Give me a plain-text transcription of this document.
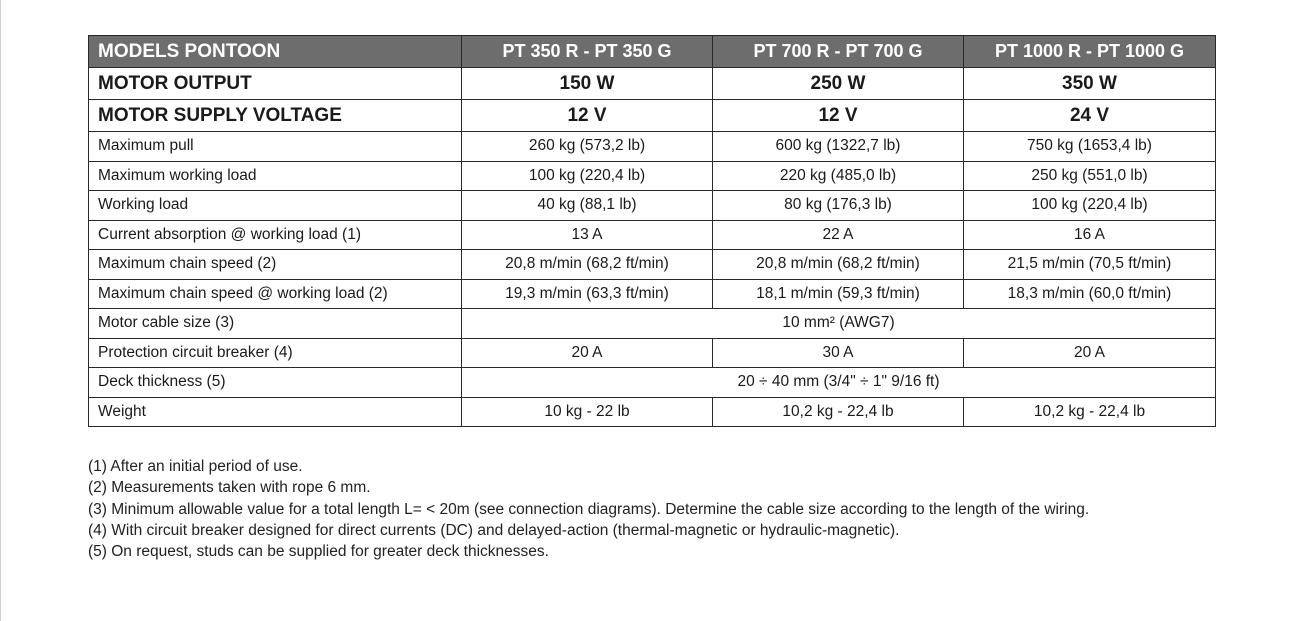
MODELS PONTOON	PT 350 R - PT 350 G	PT 700 R - PT 700 G	PT 1000 R - PT 1000 G
MOTOR OUTPUT	150 W	250 W	350 W
MOTOR SUPPLY VOLTAGE	12 V	12 V	24 V
Maximum pull	260 kg (573,2 lb)	600 kg (1322,7 lb)	750 kg (1653,4 lb)
Maximum working load	100 kg (220,4 lb)	220 kg (485,0 lb)	250 kg (551,0 lb)
Working load	40 kg (88,1 lb)	80 kg (176,3 lb)	100 kg (220,4 lb)
Current absorption @ working load (1)	13 A	22 A	16 A
Maximum chain speed (2)	20,8 m/min (68,2 ft/min)	20,8 m/min (68,2 ft/min)	21,5 m/min (70,5 ft/min)
Maximum chain speed @ working load (2)	19,3 m/min (63,3 ft/min)	18,1 m/min (59,3 ft/min)	18,3 m/min (60,0 ft/min)
Motor cable size (3)	10 mm² (AWG7)		
Protection circuit breaker (4)	20 A	30 A	20 A
Deck thickness (5)	20 ÷ 40 mm (3/4" ÷ 1" 9/16 ft)		
Weight	10 kg - 22 lb	10,2 kg - 22,4 lb	10,2 kg - 22,4 lb
(1) After an initial period of use.
(2) Measurements taken with rope 6 mm.
(3) Minimum allowable value for a total length L= < 20m (see connection diagrams). Determine the cable size according to the length of the wiring.
(4) With circuit breaker designed for direct currents (DC) and delayed-action (thermal-magnetic or hydraulic-magnetic).
(5) On request, studs can be supplied for greater deck thicknesses.
